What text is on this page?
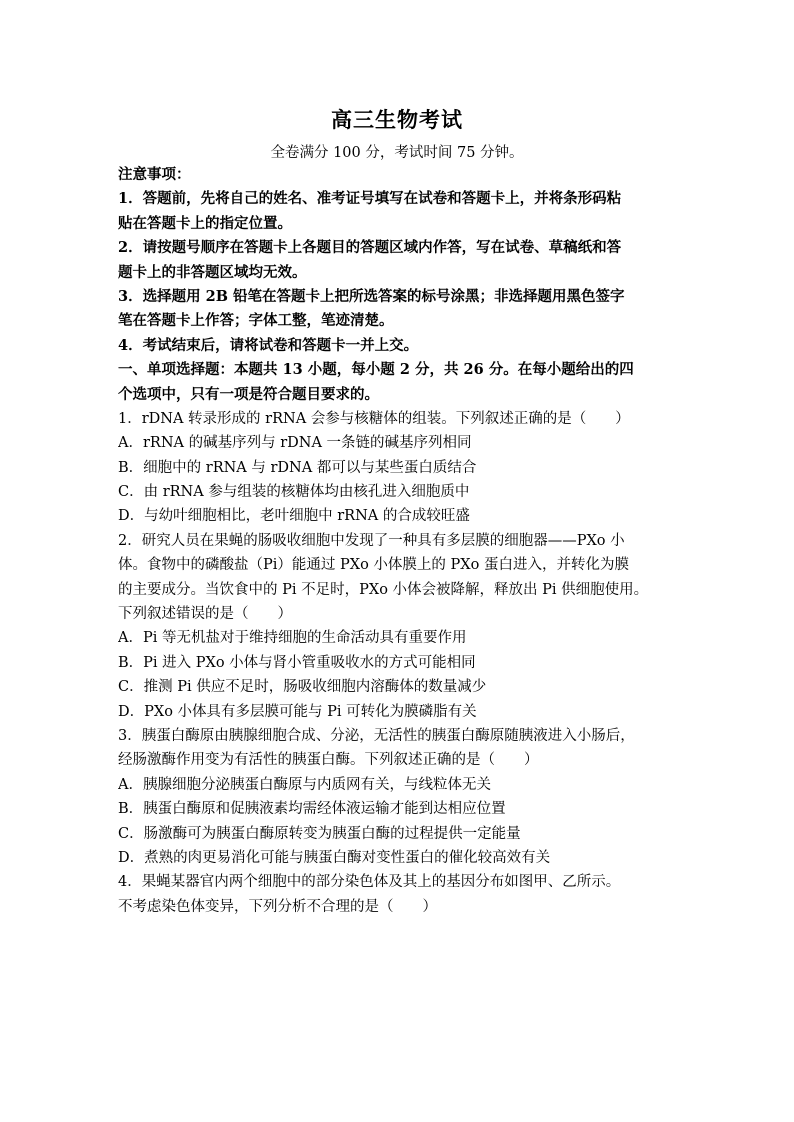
高三生物考试
全卷满分 100 分，考试时间 75 分钟。
注意事项：
1．答题前，先将自己的姓名、准考证号填写在试卷和答题卡上，并将条形码粘
贴在答题卡上的指定位置。
2．请按题号顺序在答题卡上各题目的答题区域内作答，写在试卷、草稿纸和答
题卡上的非答题区域均无效。
3．选择题用 2B 铅笔在答题卡上把所选答案的标号涂黑；非选择题用黑色签字
笔在答题卡上作答；字体工整，笔迹清楚。
4．考试结束后，请将试卷和答题卡一并上交。
一、单项选择题：本题共 13 小题，每小题 2 分，共 26 分。在每小题给出的四
个选项中，只有一项是符合题目要求的。
1．rDNA 转录形成的 rRNA 会参与核糖体的组装。下列叙述正确的是（　　）
A．rRNA 的碱基序列与 rDNA 一条链的碱基序列相同
B．细胞中的 rRNA 与 rDNA 都可以与某些蛋白质结合
C．由 rRNA 参与组装的核糖体均由核孔进入细胞质中
D．与幼叶细胞相比，老叶细胞中 rRNA 的合成较旺盛
2．研究人员在果蝇的肠吸收细胞中发现了一种具有多层膜的细胞器——PXo 小
体。食物中的磷酸盐（Pi）能通过 PXo 小体膜上的 PXo 蛋白进入，并转化为膜
的主要成分。当饮食中的 Pi 不足时，PXo 小体会被降解，释放出 Pi 供细胞使用。
下列叙述错误的是（　　）
A．Pi 等无机盐对于维持细胞的生命活动具有重要作用
B．Pi 进入 PXo 小体与肾小管重吸收水的方式可能相同
C．推测 Pi 供应不足时，肠吸收细胞内溶酶体的数量减少
D．PXo 小体具有多层膜可能与 Pi 可转化为膜磷脂有关
3．胰蛋白酶原由胰腺细胞合成、分泌，无活性的胰蛋白酶原随胰液进入小肠后，
经肠激酶作用变为有活性的胰蛋白酶。下列叙述正确的是（　　）
A．胰腺细胞分泌胰蛋白酶原与内质网有关，与线粒体无关
B．胰蛋白酶原和促胰液素均需经体液运输才能到达相应位置
C．肠激酶可为胰蛋白酶原转变为胰蛋白酶的过程提供一定能量
D．煮熟的肉更易消化可能与胰蛋白酶对变性蛋白的催化较高效有关
4．果蝇某器官内两个细胞中的部分染色体及其上的基因分布如图甲、乙所示。
不考虑染色体变异，下列分析不合理的是（　　）
